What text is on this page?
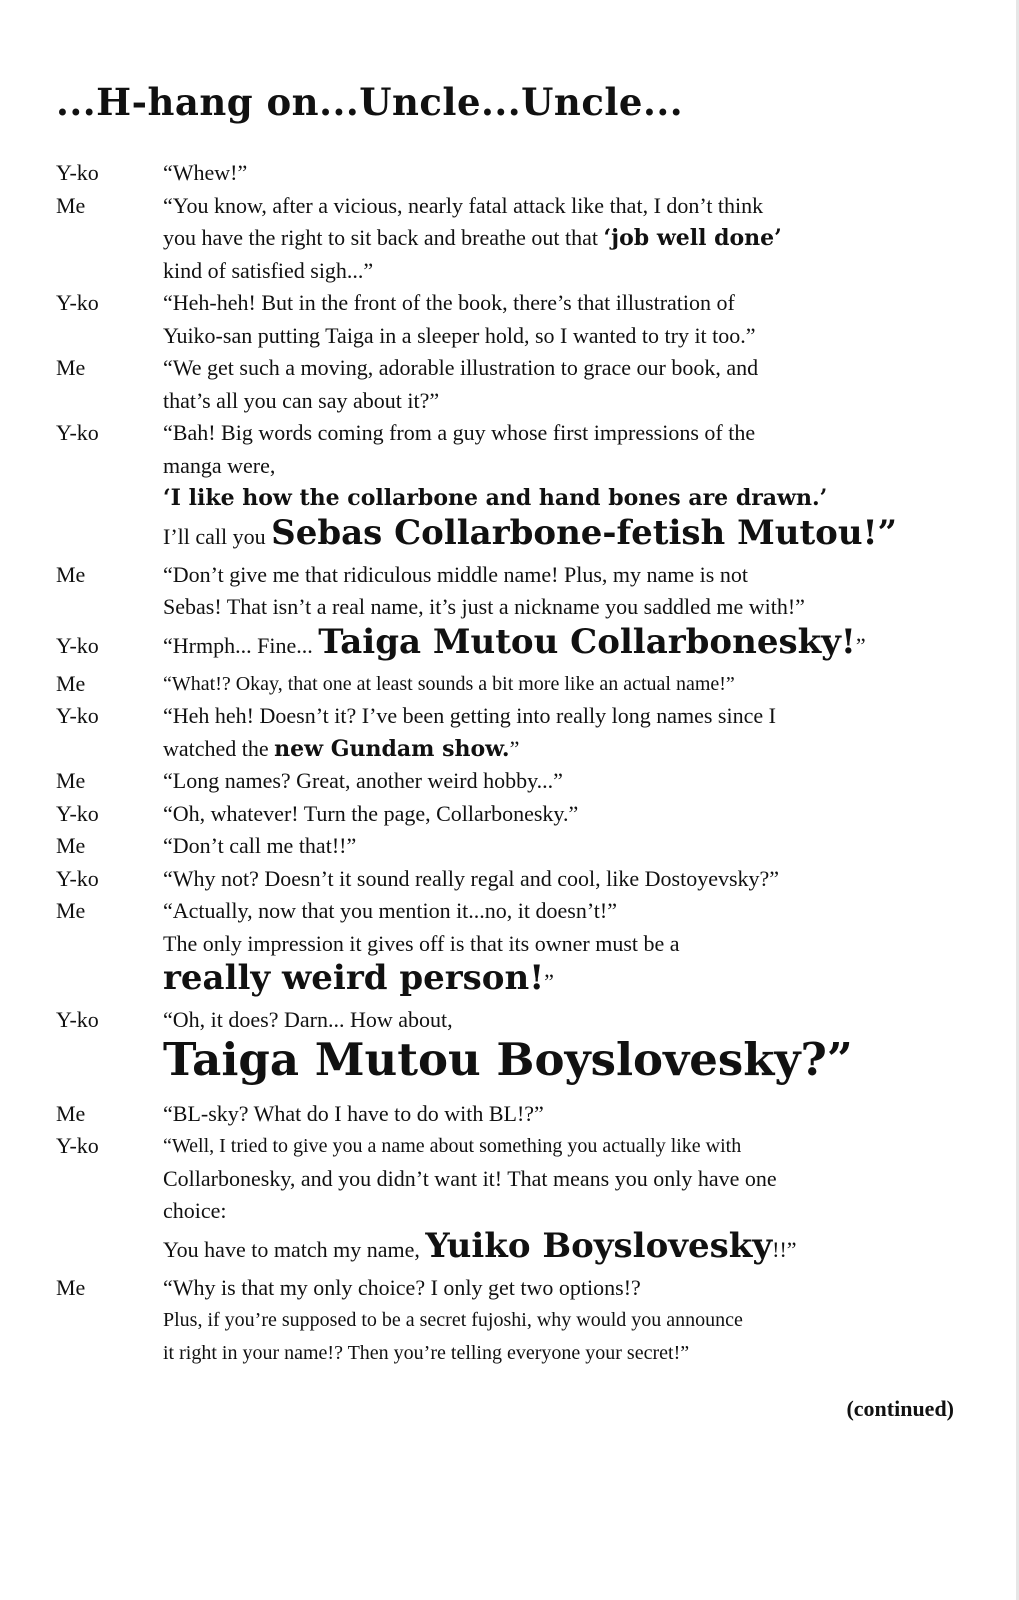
...H-hang on...Uncle...Uncle...
Y-ko	“Whew!”
Me	“You know, after a vicious, nearly fatal attack like that, I don’t think
you have the right to sit back and breathe out that ‘job well done’
kind of satisfied sigh...”
Y-ko	“Heh-heh! But in the front of the book, there’s that illustration of
Yuiko-san putting Taiga in a sleeper hold, so I wanted to try it too.”
Me	“We get such a moving, adorable illustration to grace our book, and
that’s all you can say about it?”
Y-ko	“Bah! Big words coming from a guy whose first impressions of the
manga were,
‘I like how the collarbone and hand bones are drawn.’
I’ll call you Sebas Collarbone-fetish Mutou!”
Me	“Don’t give me that ridiculous middle name! Plus, my name is not
Sebas! That isn’t a real name, it’s just a nickname you saddled me with!”
Y-ko	“Hrmph... Fine... Taiga Mutou Collarbonesky!”
Me	“What!? Okay, that one at least sounds a bit more like an actual name!”
Y-ko	“Heh heh! Doesn’t it? I’ve been getting into really long names since I
watched the new Gundam show.”
Me	“Long names? Great, another weird hobby...”
Y-ko	“Oh, whatever! Turn the page, Collarbonesky.”
Me	“Don’t call me that!!”
Y-ko	“Why not? Doesn’t it sound really regal and cool, like Dostoyevsky?”
Me	“Actually, now that you mention it...no, it doesn’t!”
The only impression it gives off is that its owner must be a
really weird person!”
Y-ko	“Oh, it does? Darn... How about,
Taiga Mutou Boyslovesky?”
Me	“BL-sky? What do I have to do with BL!?”
Y-ko	“Well, I tried to give you a name about something you actually like with
Collarbonesky, and you didn’t want it! That means you only have one
choice:
You have to match my name, Yuiko Boyslovesky!!”
Me	“Why is that my only choice? I only get two options!?
Plus, if you’re supposed to be a secret fujoshi, why would you announce
it right in your name!? Then you’re telling everyone your secret!”
(continued)
